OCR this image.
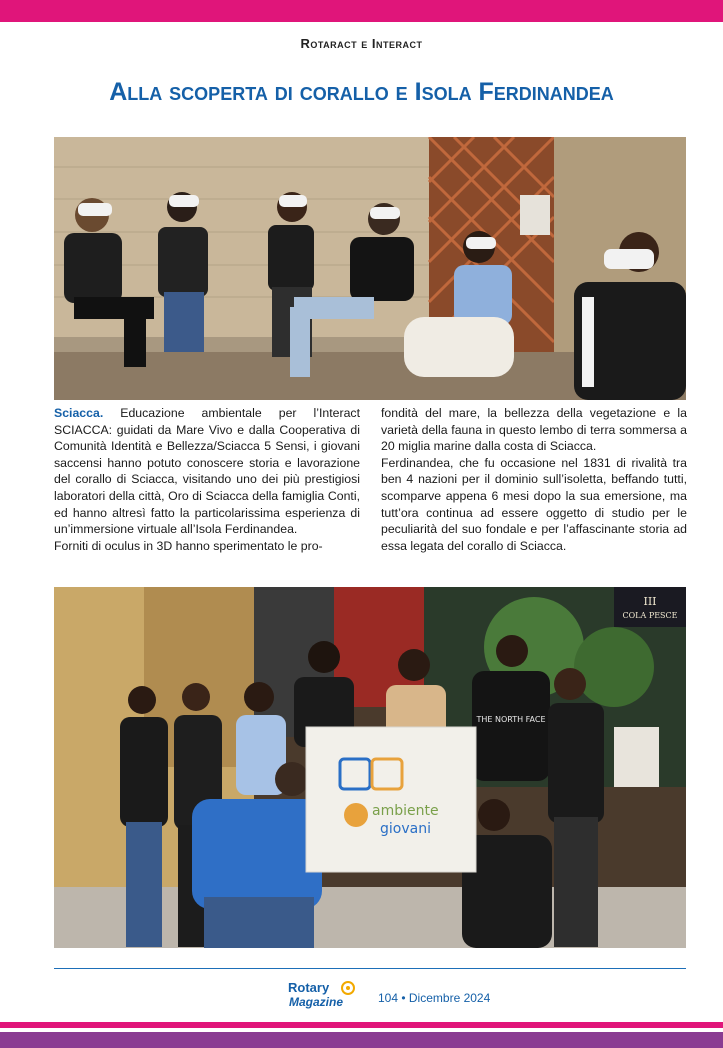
Rotaract e Interact
Alla scoperta di corallo e Isola Ferdinandea

Sciacca. Educazione ambientale per l’Interact SCIACCA: guidati da Mare Vivo e dalla Cooperativa di Comunità Identità e Bellezza/Sciacca 5 Sensi, i giovani saccensi hanno potuto conoscere storia e lavorazione del corallo di Sciacca, visitando uno dei più prestigiosi laboratori della città, Oro di Sciacca della famiglia Conti, ed hanno altresì fatto la particolarissima esperienza di un’immersione virtuale all’Isola Ferdinandea.

Forniti di oculus in 3D hanno sperimentato le pro-

fondità del mare, la bellezza della vegetazione e la varietà della fauna in questo lembo di terra sommersa a 20 miglia marine dalla costa di Sciacca.

Ferdinandea, che fu occasione nel 1831 di rivalità tra ben 4 nazioni per il dominio sull’isoletta, beffando tutti, scomparve appena 6 mesi dopo la sua emersione, ma tutt’ora continua ad essere oggetto di studio per le peculiarità del suo fondale e per l’affascinante storia ad essa legata del corallo di Sciacca.

III
COLA PESCE
THE NORTH FACE
ambiente
giovani
Rotary
Magazine	104 • Dicembre 2024
